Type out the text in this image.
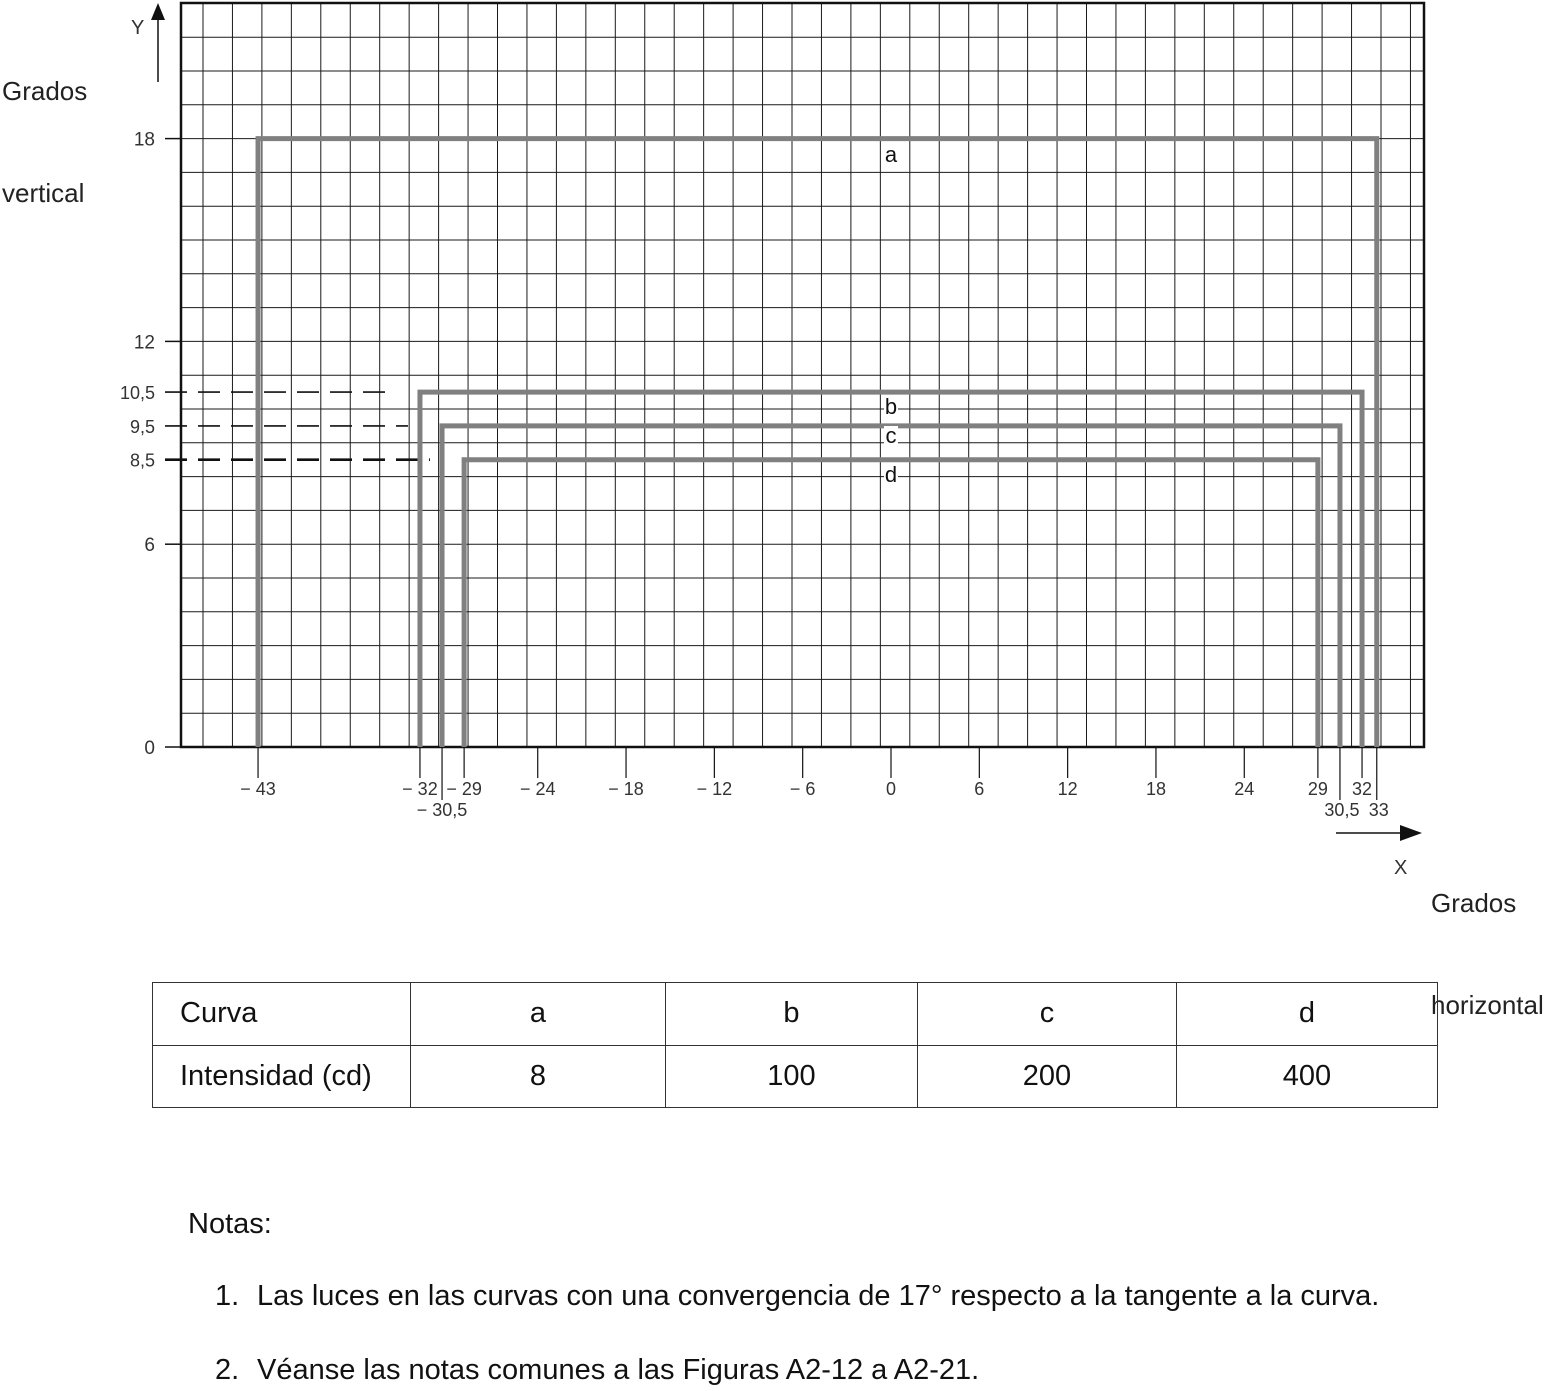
Y
0
6
12
18
10,5
9,5
8,5
− 43	− 32
− 30,5
− 29 − 24	− 18	− 12	− 6	0	6	12	18	24	29
30,5
32
33
X
a
b
c
d

Grados

vertical

Grados

horizontal

Curva	a	b	c	d
Intensidad (cd)	8	100	200	400
Notas:
1. Las luces en las curvas con una convergencia de 17° respecto a la tangente a la curva.
2. Véanse las notas comunes a las Figuras A2-12 a A2-21.
